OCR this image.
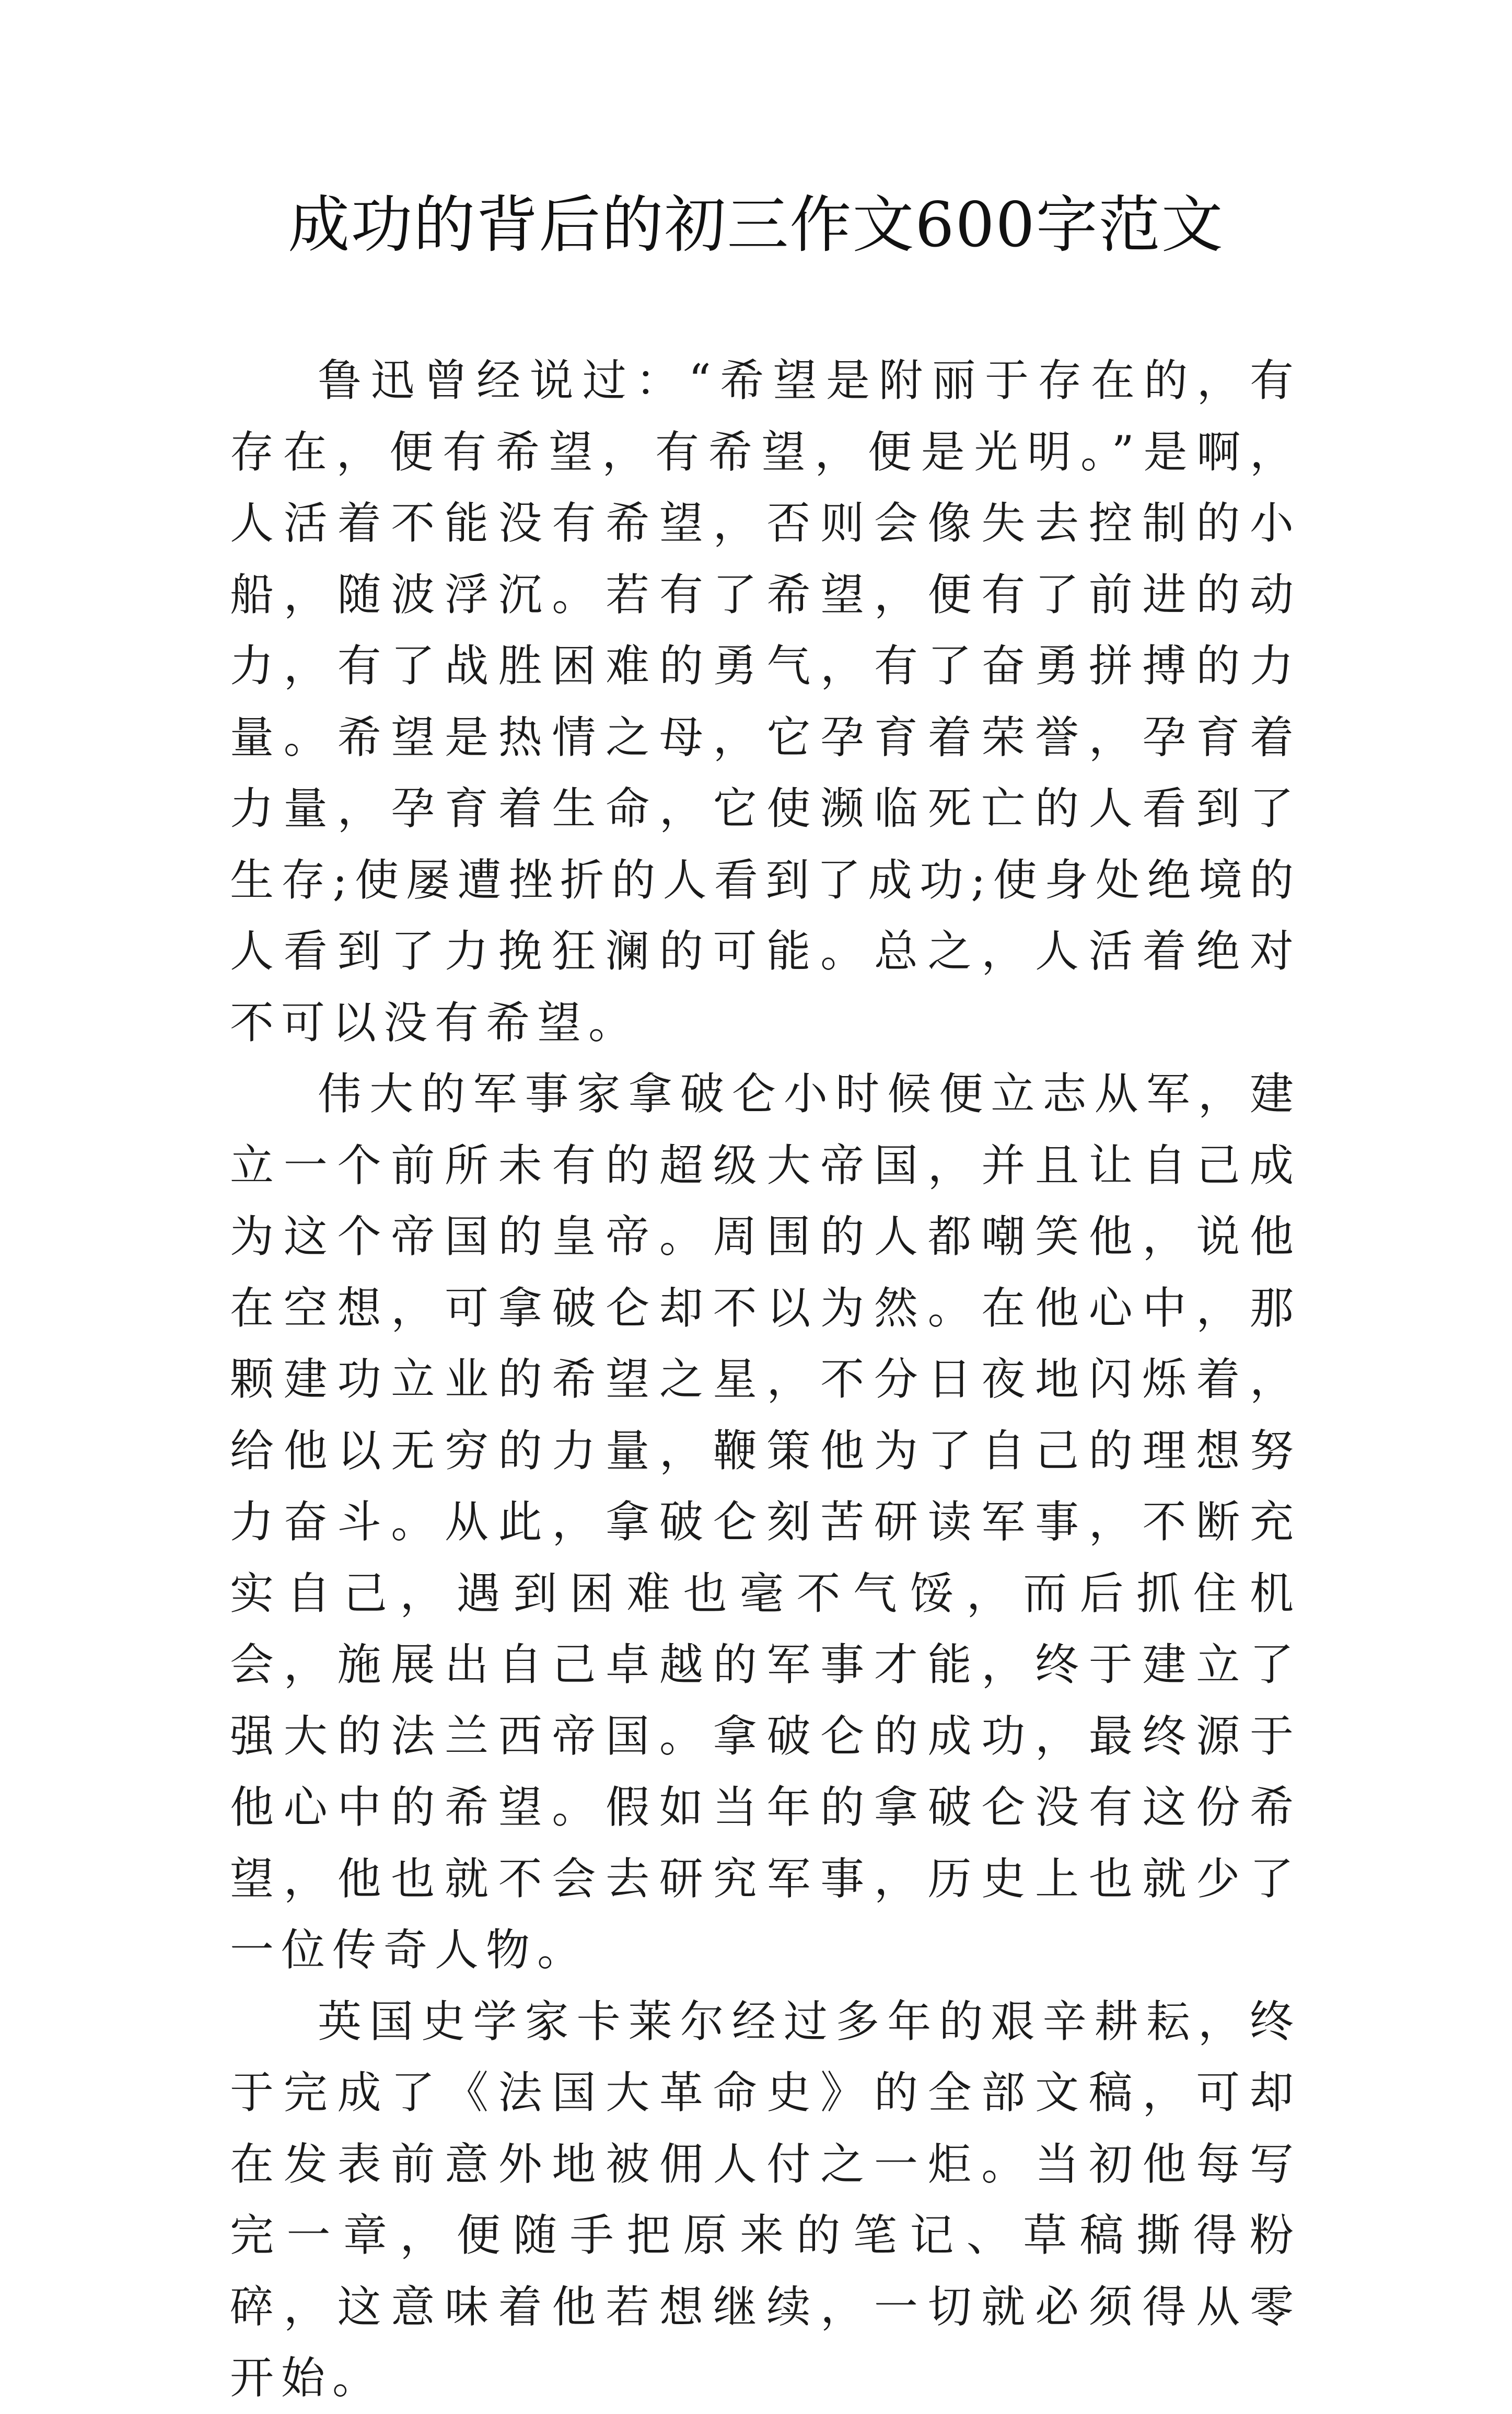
成功的背后的初三作文600字范文

鲁迅曾经说过：“希望是附丽于存在的，有存在，便有希望，有希望，便是光明。”是啊，人活着不能没有希望，否则会像失去控制的小船，随波浮沉。若有了希望，便有了前进的动力，有了战胜困难的勇气，有了奋勇拼搏的力量。希望是热情之母，它孕育着荣誉，孕育着力量，孕育着生命，它使濒临死亡的人看到了生存;使屡遭挫折的人看到了成功;使身处绝境的人看到了力挽狂澜的可能。总之，人活着绝对不可以没有希望。

伟大的军事家拿破仑小时候便立志从军，建立一个前所未有的超级大帝国，并且让自己成为这个帝国的皇帝。周围的人都嘲笑他，说他在空想，可拿破仑却不以为然。在他心中，那颗建功立业的希望之星，不分日夜地闪烁着，给他以无穷的力量，鞭策他为了自己的理想努力奋斗。从此，拿破仑刻苦研读军事，不断充实自己，遇到困难也毫不气馁，而后抓住机会，施展出自己卓越的军事才能，终于建立了强大的法兰西帝国。拿破仑的成功，最终源于他心中的希望。假如当年的拿破仑没有这份希望，他也就不会去研究军事，历史上也就少了一位传奇人物。

英国史学家卡莱尔经过多年的艰辛耕耘，终于完成了《法国大革命史》的全部文稿，可却在发表前意外地被佣人付之一炬。当初他每写完一章，便随手把原来的笔记、草稿撕得粉碎，这意味着他若想继续，一切就必须得从零开始。
